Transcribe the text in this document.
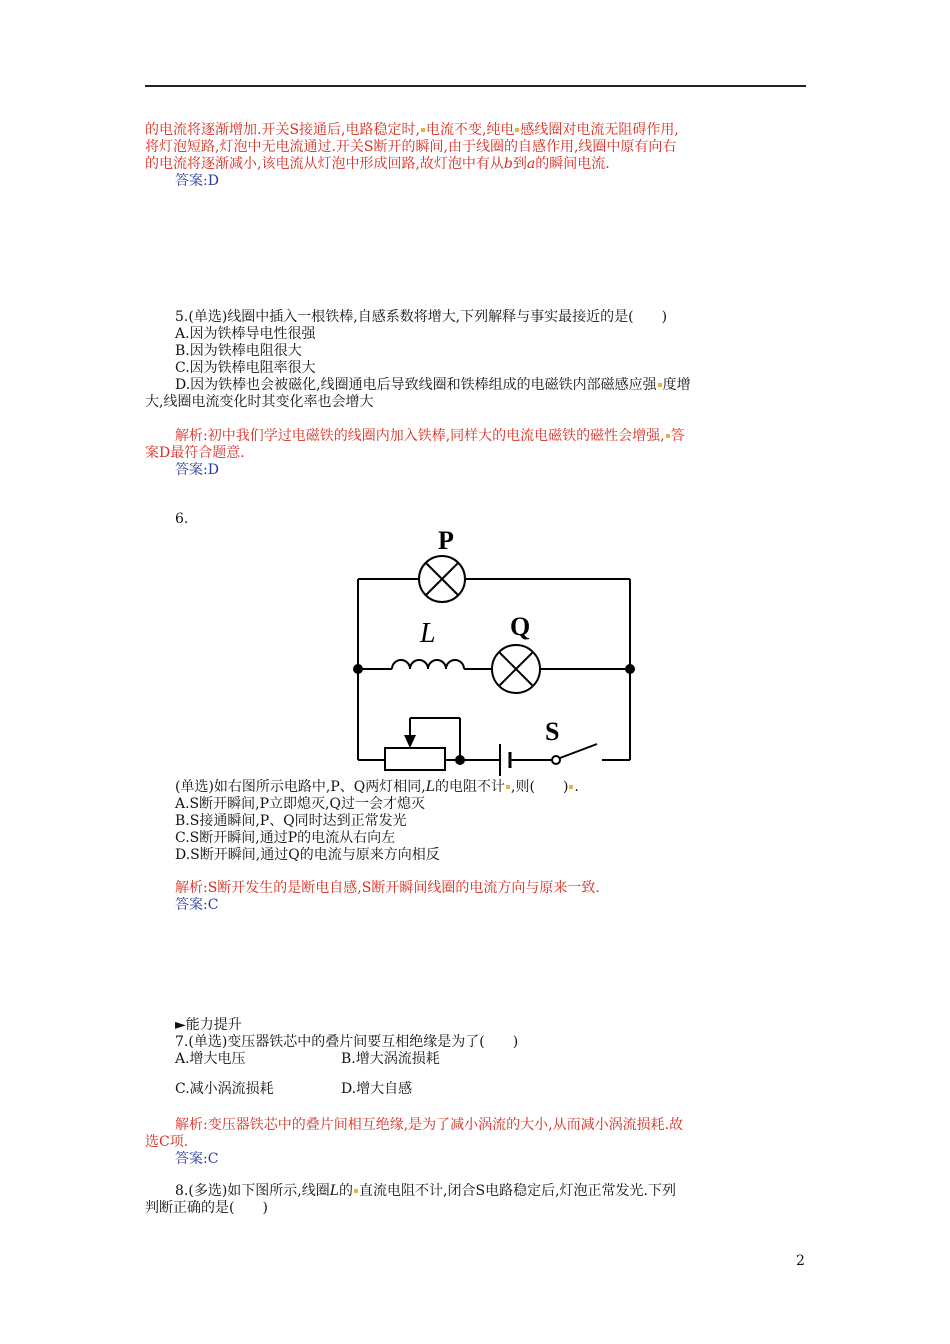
的电流将逐渐增加.开关S接通后,电路稳定时, 电流不变,纯电 感线圈对电流无阻碍作用,
将灯泡短路,灯泡中无电流通过.开关S断开的瞬间,由于线圈的自感作用,线圈中原有向右
的电流将逐渐减小,该电流从灯泡中形成回路,故灯泡中有从b到a的瞬间电流.
答案:D
5.(单选)线圈中插入一根铁棒,自感系数将增大,下列解释与事实最接近的是(　　)
A.因为铁棒导电性很强
B.因为铁棒电阻很大
C.因为铁棒电阻率很大
D.因为铁棒也会被磁化,线圈通电后导致线圈和铁棒组成的电磁铁内部磁感应强 度增
大,线圈电流变化时其变化率也会增大
解析:初中我们学过电磁铁的线圈内加入铁棒,同样大的电流电磁铁的磁性会增强, 答
案D最符合题意.
答案:D
6.
P
Q
L
S
(单选)如右图所示电路中,P、Q两灯相同,L的电阻不计 ,则(　　) .
A.S断开瞬间,P立即熄灭,Q过一会才熄灭
B.S接通瞬间,P、Q同时达到正常发光
C.S断开瞬间,通过P的电流从右向左
D.S断开瞬间,通过Q的电流与原来方向相反
解析:S断开发生的是断电自感,S断开瞬间线圈的电流方向与原来一致.
答案:C
►能力提升
7.(单选)变压器铁芯中的叠片间要互相绝缘是为了(　　)
A.增大电压	B.增大涡流损耗
C.减小涡流损耗	D.增大自感
解析:变压器铁芯中的叠片间相互绝缘,是为了减小涡流的大小,从而减小涡流损耗.故
选C项.
答案:C
8.(多选)如下图所示,线圈L的 直流电阻不计,闭合S电路稳定后,灯泡正常发光.下列
判断正确的是(　　)
2
